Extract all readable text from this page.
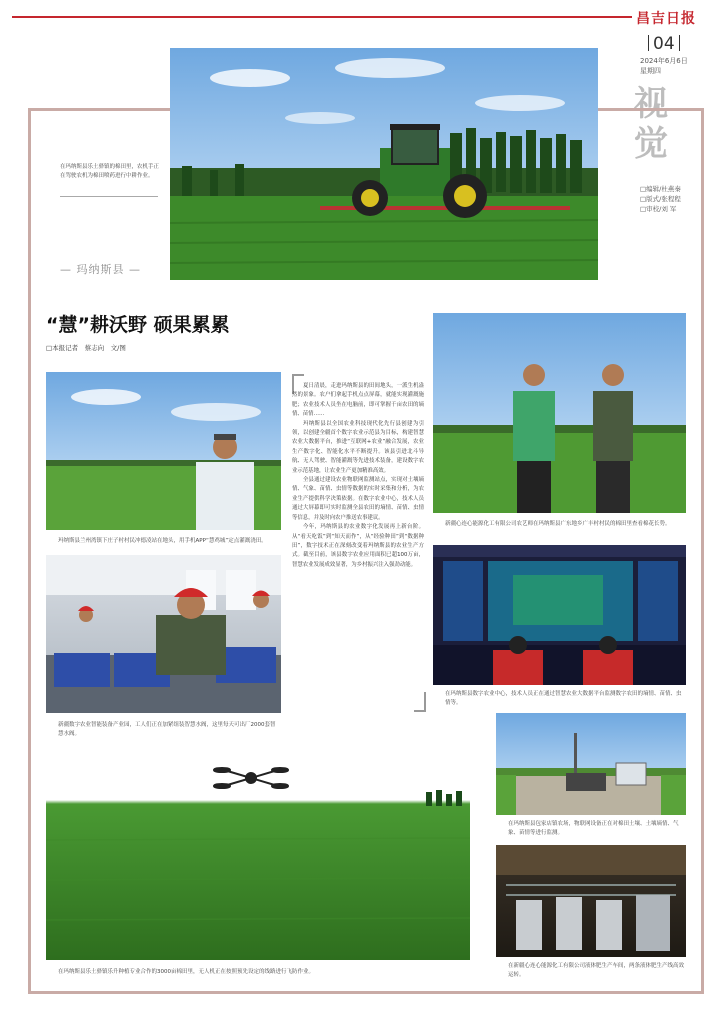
昌吉日报
04
2024年6月6日
星期四
视觉
□编辑/杜燕秦
□版式/张程程
□审校/刘 军
在玛纳斯县乐土驿镇的棉田里，农机手正在驾驶农机为棉田喷药进行中耕作业。
— 玛纳斯县 —
“慧”耕沃野 硕果累累
□本报记者　蔡志向　文/图
玛纳斯县兰州湾镇下庄子村村民冲德凌站在地头，用手机APP“慧鸡城”定点灌溉浇田。
新疆数字农业智能装备产业园，工人们正在加紧组装智慧水阀，这里每天可出厂2000套智慧水阀。

夏日清晨，走进玛纳斯县的田间地头，一派生机盎然的景象。农户们拿起手机点点屏幕，就能实现灌溉施肥；农业技术人员坐在电脑前，即可掌握千亩农田的墒情、苗情……

玛纳斯县以全国农业科技现代化先行县创建为引领，以创建全疆首个数字农业示范县为目标，构建智慧农业大数据平台，推进“互联网+农业”融合发展，农业生产数字化、智能化水平不断提升。该县引进北斗导航、无人驾驶、智能灌溉等先进技术装备，建设数字农业示范基地，让农业生产更加精准高效。

全县通过建设农业物联网监测站点，实现对土壤墒情、气象、苗情、虫情等数据的实时采集和分析，为农业生产提供科学决策依据。在数字农业中心，技术人员通过大屏幕即可实时监测全县农田的墒情、苗情、虫情等信息，并及时向农户推送农事建议。

今年，玛纳斯县的农业数字化发展再上新台阶。从“看天吃饭”到“知天而作”，从“经验种田”到“数据种田”，数字技术正在深刻改变着玛纳斯县的农业生产方式。截至目前，该县数字农业应用面积已超100万亩，智慧农业发展成效显著，为乡村振兴注入强劲动能。

新疆心连心能源化工有限公司农艺师在玛纳斯县广东地乡广丰村村民的棉田里查看棉花长势。
在玛纳斯县数字农业中心，技术人员正在通过智慧农业大数据平台监测数字农田的墒情、苗情、虫情等。
在玛纳斯县包家店镇农场，物联网设备正在对棉田土壤、土壤墒情、气象、苗情等进行监测。
在玛纳斯县乐土驿镇乐升种植专业合作的3000亩棉田里，无人机正在按照预先设定的线路进行飞防作业。
在新疆心连心能源化工有限公司液体肥生产车间，两条液体肥生产线高效运转。
